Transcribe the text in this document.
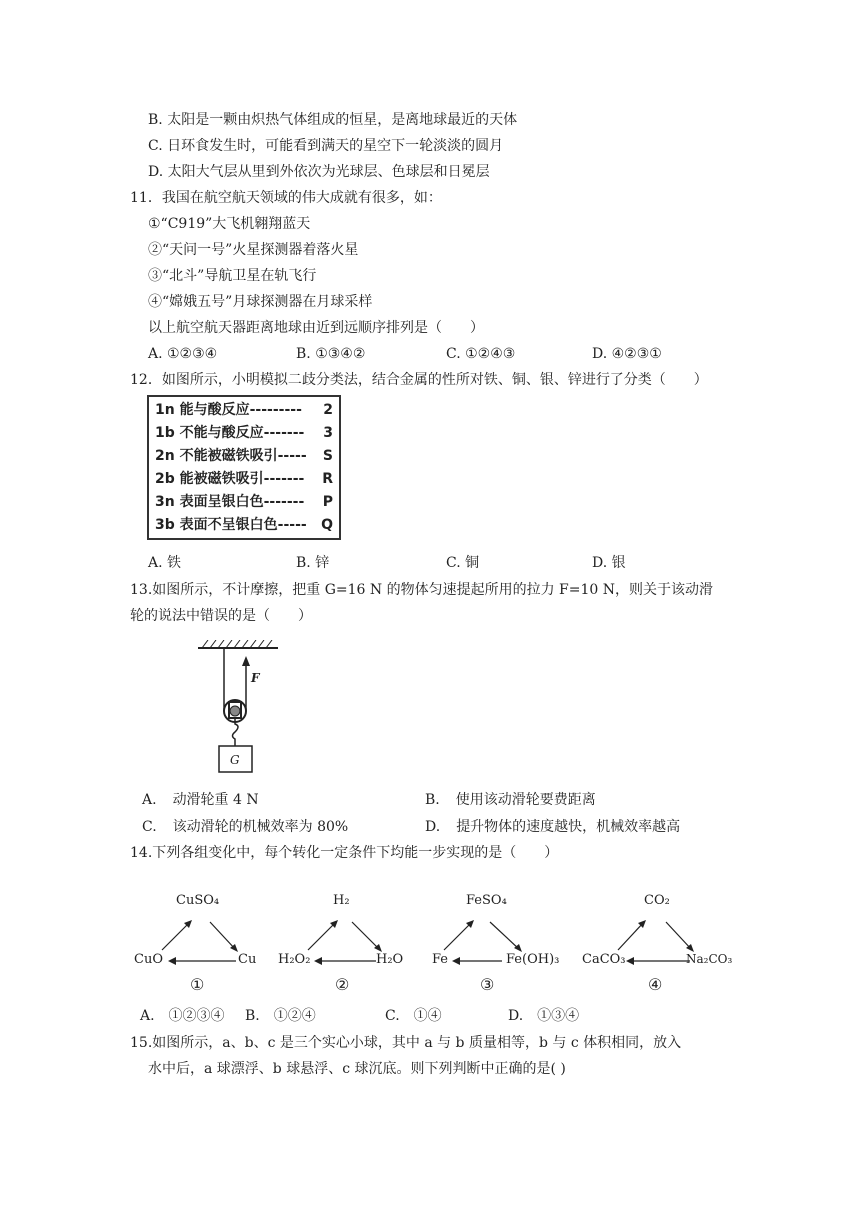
B. 太阳是一颗由炽热气体组成的恒星，是离地球最近的天体
C. 日环食发生时，可能看到满天的星空下一轮淡淡的圆月
D. 太阳大气层从里到外依次为光球层、色球层和日冕层
11．我国在航空航天领域的伟大成就有很多，如：
①“C919”大飞机翱翔蓝天
②“天问一号”火星探测器着落火星
③“北斗”导航卫星在轨飞行
④“嫦娥五号”月球探测器在月球采样
以上航空航天器距离地球由近到远顺序排列是（　　）
A. ①②③④	B. ①③④②	C. ①②④③	D. ④②③①
12．如图所示，小明模拟二歧分类法，结合金属的性所对铁、铜、银、锌进行了分类（　　）
1n 能与酸反应--------- 2
1b 不能与酸反应------- 3
2n 不能被磁铁吸引----- S
2b 能被磁铁吸引------- R
3n 表面呈银白色------- P
3b 表面不呈银白色----- Q
A. 铁	B. 锌	C. 铜	D. 银
13.如图所示，不计摩擦，把重 G=16 N 的物体匀速提起所用的拉力 F=10 N，则关于该动滑
轮的说法中错误的是（　　）
F
G
A. 动滑轮重 4 N	B. 使用该动滑轮要费距离
C. 该动滑轮的机械效率为 80%	D. 提升物体的速度越快，机械效率越高
14.下列各组变化中，每个转化一定条件下均能一步实现的是（　　）
CuSO₄
CuO	Cu
①
H₂
H₂O₂	H₂O
②
FeSO₄
Fe	Fe(OH)₃
③
CO₂
CaCO₃	Na₂CO₃
④
A.　①②③④ B.　①②④	C.　①④	D.　①③④
15.如图所示，a、b、c 是三个实心小球，其中 a 与 b 质量相等，b 与 c 体积相同，放入
水中后，a 球漂浮、b 球悬浮、c 球沉底。则下列判断中正确的是( )
